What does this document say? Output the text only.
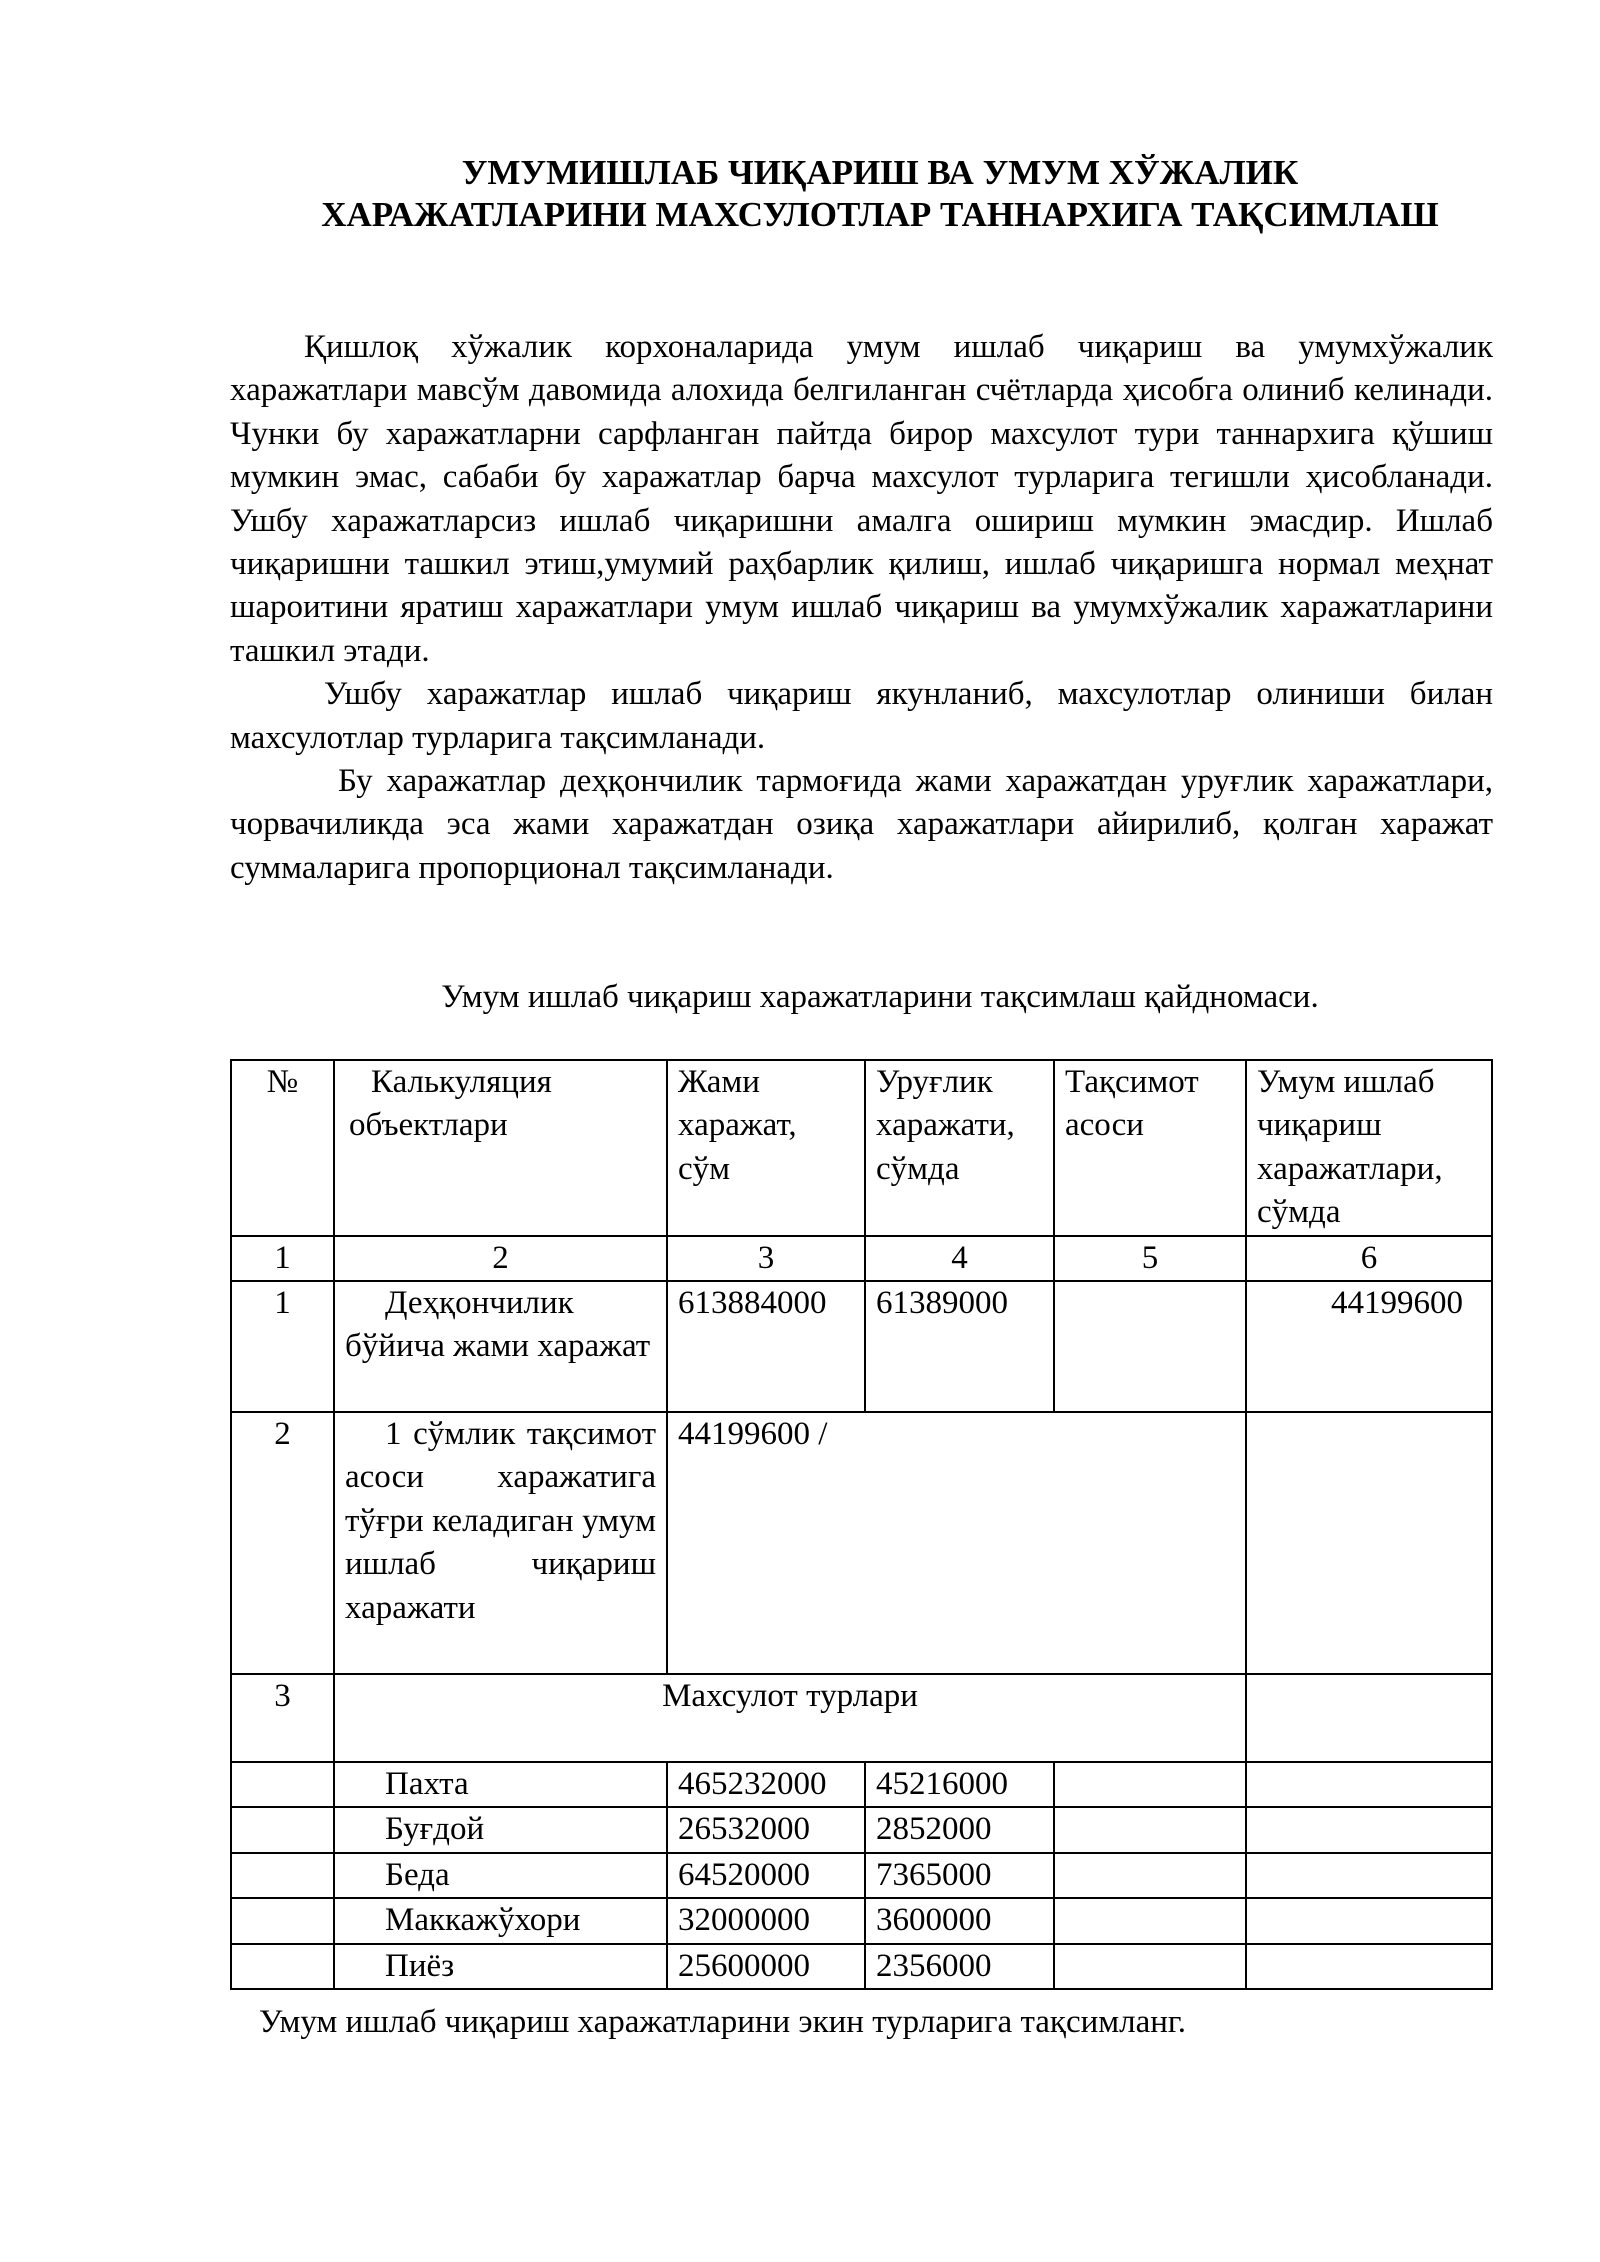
УМУМИШЛАБ ЧИҚАРИШ ВА УМУМ ХЎЖАЛИК
ХАРАЖАТЛАРИНИ МАХСУЛОТЛАР ТАННАРХИГА ТАҚСИМЛАШ

Қишлоқ хўжалик корхоналарида умум ишлаб чиқариш ва умумхўжалик харажатлари мавсўм давомида алохида белгиланган счётларда ҳисобга олиниб келинади. Чунки бу харажатларни сарфланган пайтда бирор махсулот тури таннархига қўшиш мумкин эмас, сабаби бу харажатлар барча махсулот турларига тегишли ҳисобланади. Ушбу харажатларсиз ишлаб чиқаришни амалга ошириш мумкин эмасдир. Ишлаб чиқаришни ташкил этиш,умумий раҳбарлик қилиш, ишлаб чиқаришга нормал меҳнат шароитини яратиш харажатлари умум ишлаб чиқариш ва умумхўжалик харажатларини ташкил этади.

Ушбу харажатлар ишлаб чиқариш якунланиб, махсулотлар олиниши билан махсулотлар турларига тақсимланади.

Бу харажатлар деҳқончилик тармоғида жами харажатдан уруғлик харажатлари, чорвачиликда эса жами харажатдан озиқа харажатлари айирилиб, қолган харажат суммаларига пропорционал тақсимланади.

Умум ишлаб чиқариш харажатларини тақсимлаш қайдномаси.
№	Калькуляция объектлари	Жами харажат, сўм	Уруғлик харажати, сўмда	Тақсимот асоси	Умум ишлаб чиқариш харажатлари, сўмда
1	2	3	4	5	6
1	Деҳқончилик бўйича жами харажат	613884000	61389000		44199600
2	1 сўмлик тақсимот асоси харажатига тўғри келадиган умум ишлаб чиқариш харажати	44199600 /			
3	Махсулот турлари				
	Пахта	465232000	45216000		
	Буғдой	26532000	2852000		
	Беда	64520000	7365000		
	Маккажўхори	32000000	3600000		
	Пиёз	25600000	2356000		
Умум ишлаб чиқариш харажатларини экин турларига тақсимланг.
